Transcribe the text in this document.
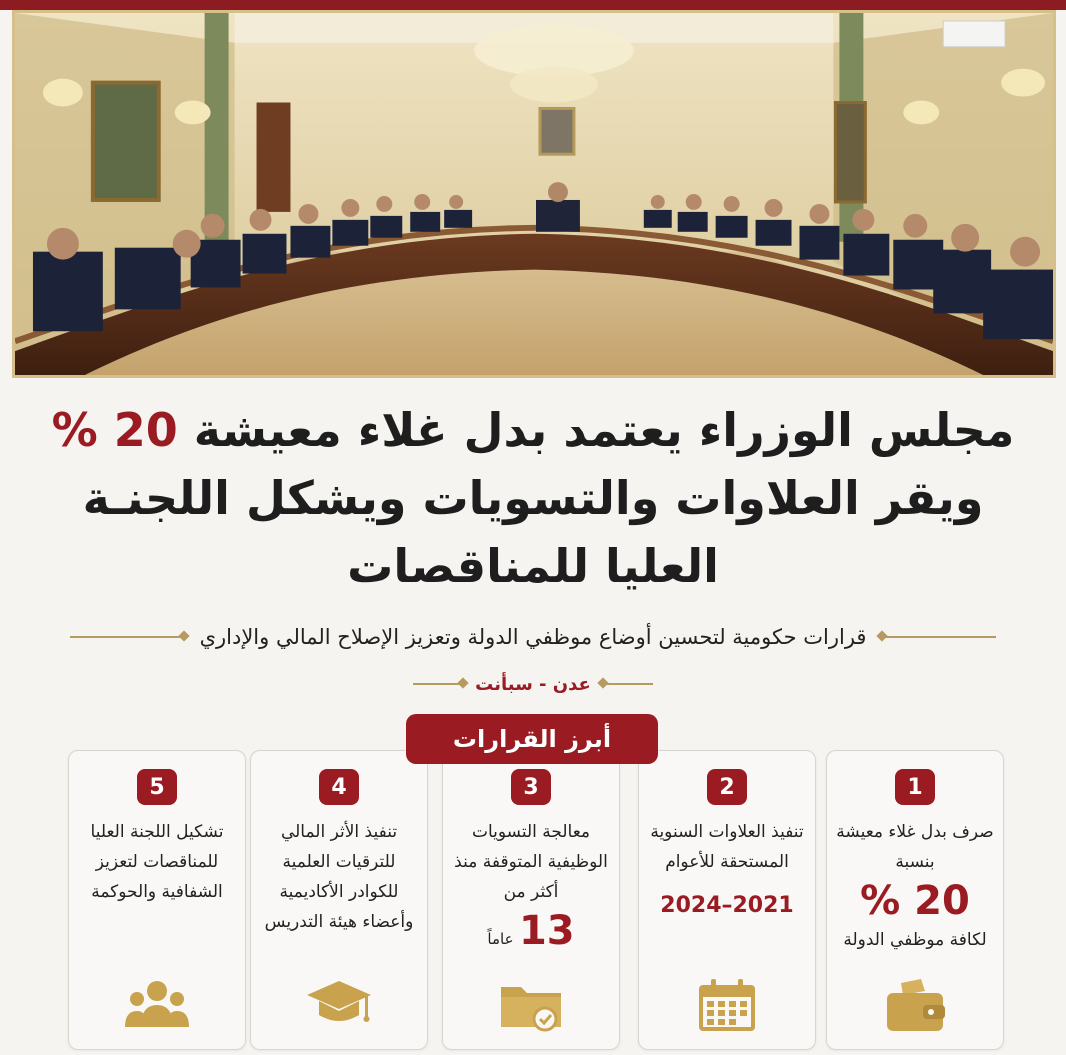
مجلس الوزراء يعتمد بدل غلاء معيشة 20 %
ويقر العلاوات والتسويات ويشكل اللجنـة
العليا للمناقصات
قرارات حكومية لتحسين أوضاع موظفي الدولة وتعزيز الإصلاح المالي والإداري
عدن - سبأنت
أبرز القرارات
5
تشكيل اللجنة العليا للمناقصات لتعزيز الشفافية والحوكمة
4
تنفيذ الأثر المالي للترقيات العلمية للكوادر الأكاديمية وأعضاء هيئة التدريس
3
معالجة التسويات الوظيفية المتوقفة منذ أكثر من
13 عاماً
2
تنفيذ العلاوات السنوية المستحقة للأعوام
2021–2024
1
صرف بدل غلاء معيشة بنسبة
20 %
لكافة موظفي الدولة
